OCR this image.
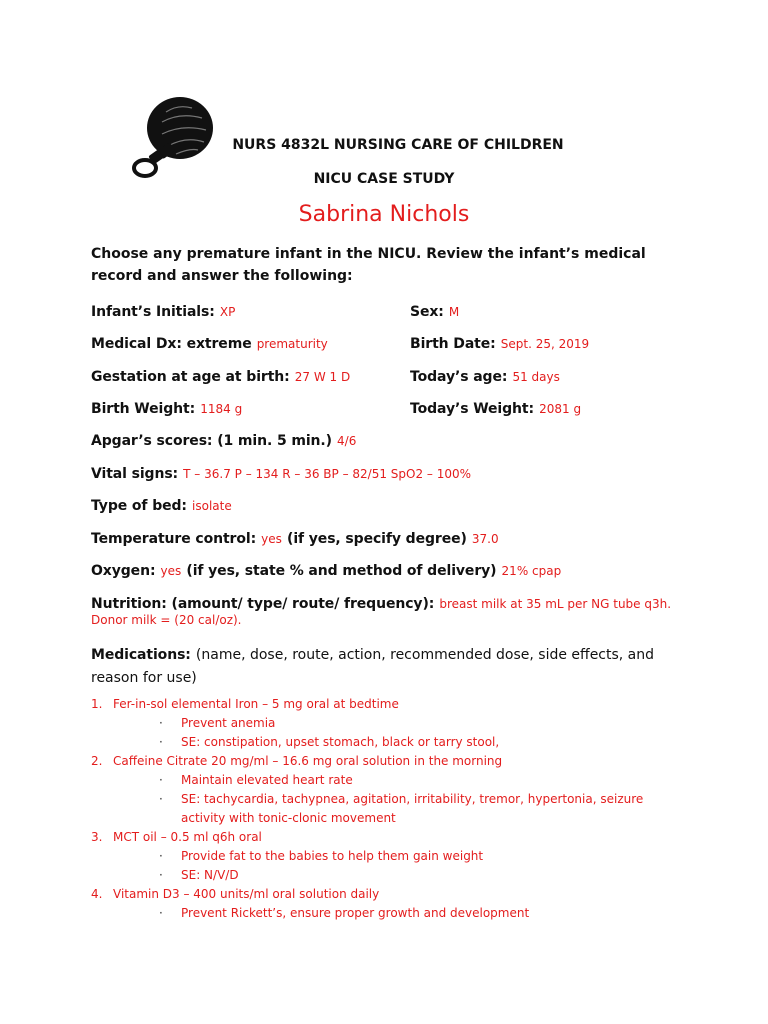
NURS 4832L NURSING CARE OF CHILDREN
NICU CASE STUDY
Sabrina Nichols
Choose any premature infant in the NICU. Review the infant’s medical record and answer the following:
Infant’s Initials: XP	Sex: M
Medical Dx: extreme prematurity	Birth Date: Sept. 25, 2019
Gestation at age at birth: 27 W 1 D	Today’s age: 51 days
Birth Weight: 1184 g	Today’s Weight: 2081 g
Apgar’s scores: (1 min. 5 min.) 4/6
Vital signs: T – 36.7 P – 134 R – 36 BP – 82/51 SpO2 – 100%
Type of bed: isolate
Temperature control: yes (if yes, specify degree) 37.0
Oxygen: yes (if yes, state % and method of delivery) 21% cpap
Nutrition: (amount/ type/ route/ frequency): breast milk at 35 mL per NG tube q3h.
Donor milk = (20 cal/oz).
Medications: (name, dose, route, action, recommended dose, side effects, and reason for use)
1. Fer-in-sol elemental Iron – 5 mg oral at bedtime
· Prevent anemia
· SE: constipation, upset stomach, black or tarry stool,
2. Caffeine Citrate 20 mg/ml – 16.6 mg oral solution in the morning
· Maintain elevated heart rate
· SE: tachycardia, tachypnea, agitation, irritability, tremor, hypertonia, seizure activity with tonic-clonic movement
3. MCT oil – 0.5 ml q6h oral
· Provide fat to the babies to help them gain weight
· SE: N/V/D
4. Vitamin D3 – 400 units/ml oral solution daily
· Prevent Rickett’s, ensure proper growth and development
